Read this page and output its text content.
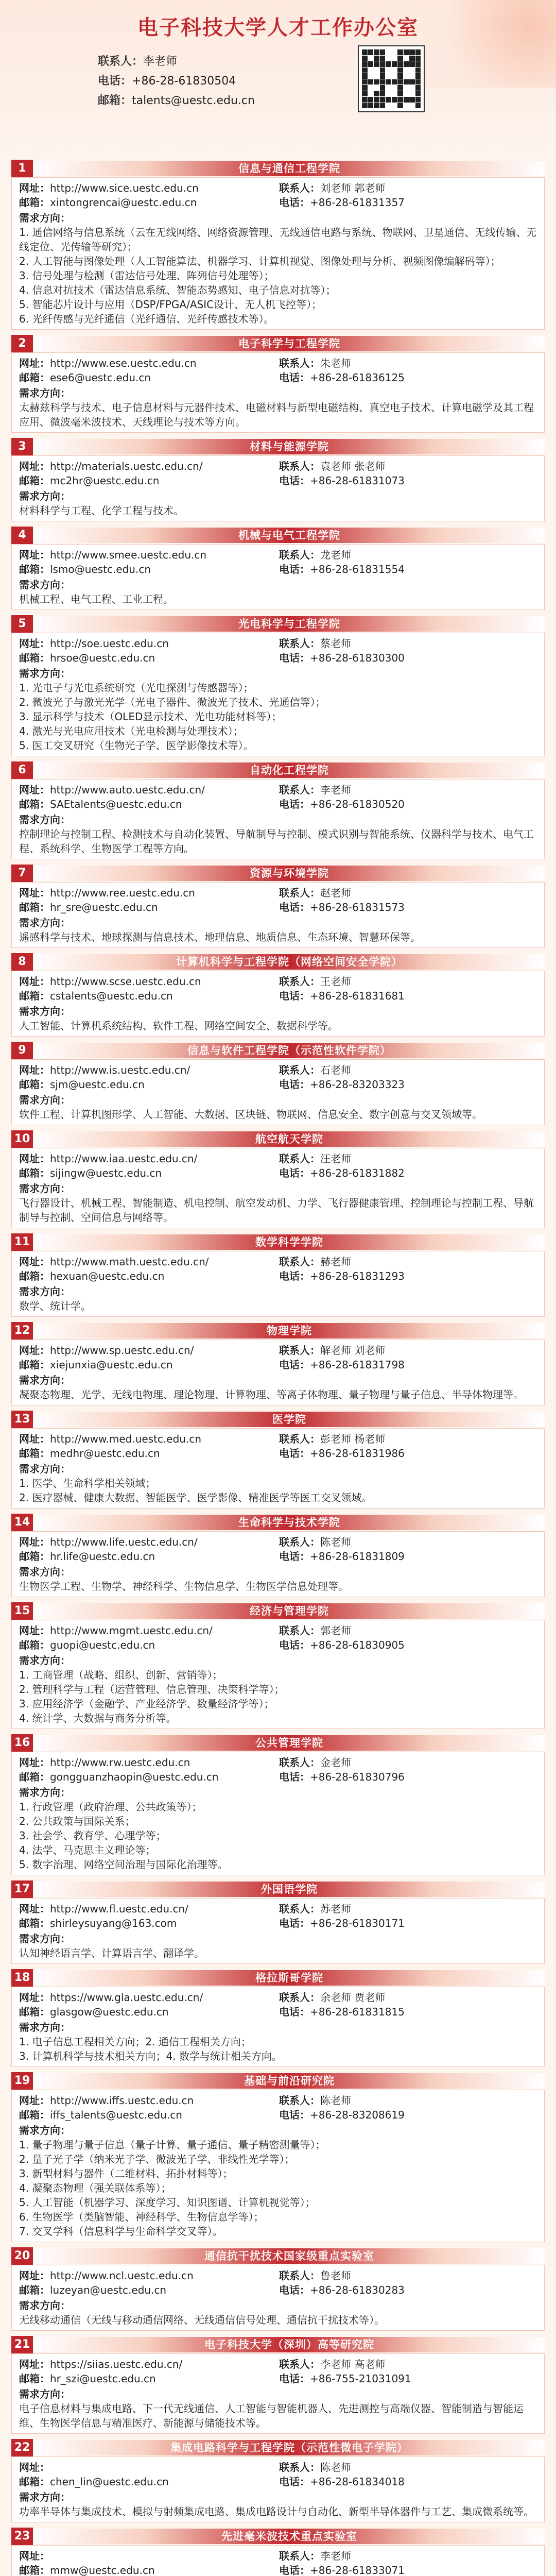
电子科技大学人才工作办公室
联系人：李老师
电话：+86-28-61830504
邮箱：talents@uestc.edu.cn
1	信息与通信工程学院
网址：http://www.sice.uestc.edu.cn	联系人：刘老师 郭老师
邮箱：xintongrencai@uestc.edu.cn	电话：+86-28-61831357
需求方向：
1. 通信网络与信息系统（云在无线网络、网络资源管理、无线通信电路与系统、物联网、卫星通信、无线传输、无线定位、光传输等研究）；
2. 人工智能与图像处理（人工智能算法、机器学习、计算机视觉、图像处理与分析、视频图像编解码等）；
3. 信号处理与检测（雷达信号处理、阵列信号处理等）；
4. 信息对抗技术（雷达信息系统、智能态势感知、电子信息对抗等）；
5. 智能芯片设计与应用（DSP/FPGA/ASIC设计、无人机飞控等）；
6. 光纤传感与光纤通信（光纤通信、光纤传感技术等）。
2	电子科学与工程学院
网址：http://www.ese.uestc.edu.cn	联系人：朱老师
邮箱：ese6@uestc.edu.cn	电话：+86-28-61836125
需求方向：
太赫兹科学与技术、电子信息材料与元器件技术、电磁材料与新型电磁结构、真空电子技术、计算电磁学及其工程应用、微波毫米波技术、天线理论与技术等方向。
3	材料与能源学院
网址：http://materials.uestc.edu.cn/	联系人：袁老师 张老师
邮箱：mc2hr@uestc.edu.cn	电话：+86-28-61831073
需求方向：
材料科学与工程、化学工程与技术。
4	机械与电气工程学院
网址：http://www.smee.uestc.edu.cn	联系人：龙老师
邮箱：lsmo@uestc.edu.cn	电话：+86-28-61831554
需求方向：
机械工程、电气工程、工业工程。
5	光电科学与工程学院
网址：http://soe.uestc.edu.cn	联系人：蔡老师
邮箱：hrsoe@uestc.edu.cn	电话：+86-28-61830300
需求方向：
1. 光电子与光电系统研究（光电探测与传感器等）；
2. 微波光子与激光光学（光电子器件、微波光子技术、光通信等）；
3. 显示科学与技术（OLED显示技术、光电功能材料等）；
4. 激光与光电应用技术（光电检测与处理技术）；
5. 医工交叉研究（生物光子学、医学影像技术等）。
6	自动化工程学院
网址：http://www.auto.uestc.edu.cn/	联系人：李老师
邮箱：SAEtalents@uestc.edu.cn	电话：+86-28-61830520
需求方向：
控制理论与控制工程、检测技术与自动化装置、导航制导与控制、模式识别与智能系统、仪器科学与技术、电气工程、系统科学、生物医学工程等方向。
7	资源与环境学院
网址：http://www.ree.uestc.edu.cn	联系人：赵老师
邮箱：hr_sre@uestc.edu.cn	电话：+86-28-61831573
需求方向：
遥感科学与技术、地球探测与信息技术、地理信息、地质信息、生态环境、智慧环保等。
8	计算机科学与工程学院（网络空间安全学院）
网址：http://www.scse.uestc.edu.cn	联系人：王老师
邮箱：cstalents@uestc.edu.cn	电话：+86-28-61831681
需求方向：
人工智能、计算机系统结构、软件工程、网络空间安全、数据科学等。
9	信息与软件工程学院（示范性软件学院）
网址：http://www.is.uestc.edu.cn/	联系人：石老师
邮箱：sjm@uestc.edu.cn	电话：+86-28-83203323
需求方向：
软件工程、计算机图形学、人工智能、大数据、区块链、物联网、信息安全、数字创意与交叉领域等。
10	航空航天学院
网址：http://www.iaa.uestc.edu.cn/	联系人：汪老师
邮箱：sijingw@uestc.edu.cn	电话：+86-28-61831882
需求方向：
飞行器设计、机械工程、智能制造、机电控制、航空发动机、力学、飞行器健康管理、控制理论与控制工程、导航制导与控制、空间信息与网络等。
11	数学科学学院
网址：http://www.math.uestc.edu.cn/	联系人：赫老师
邮箱：hexuan@uestc.edu.cn	电话：+86-28-61831293
需求方向：
数学、统计学。
12	物理学院
网址：http://www.sp.uestc.edu.cn/	联系人：解老师 刘老师
邮箱：xiejunxia@uestc.edu.cn	电话：+86-28-61831798
需求方向：
凝聚态物理、光学、无线电物理、理论物理、计算物理、等离子体物理、量子物理与量子信息、半导体物理等。
13	医学院
网址：http://www.med.uestc.edu.cn	联系人：彭老师 杨老师
邮箱：medhr@uestc.edu.cn	电话：+86-28-61831986
需求方向：
1. 医学、生命科学相关领域；
2. 医疗器械、健康大数据、智能医学、医学影像、精准医学等医工交叉领域。
14	生命科学与技术学院
网址：http://www.life.uestc.edu.cn/	联系人：陈老师
邮箱：hr.life@uestc.edu.cn	电话：+86-28-61831809
需求方向：
生物医学工程、生物学、神经科学、生物信息学、生物医学信息处理等。
15	经济与管理学院
网址：http://www.mgmt.uestc.edu.cn/	联系人：郭老师
邮箱：guopi@uestc.edu.cn	电话：+86-28-61830905
需求方向：
1. 工商管理（战略、组织、创新、营销等）；
2. 管理科学与工程（运营管理、信息管理、决策科学等）；
3. 应用经济学（金融学、产业经济学、数量经济学等）；
4. 统计学、大数据与商务分析等。
16	公共管理学院
网址：http://www.rw.uestc.edu.cn	联系人：金老师
邮箱：gongguanzhaopin@uestc.edu.cn	电话：+86-28-61830796
需求方向：
1. 行政管理（政府治理、公共政策等）；
2. 公共政策与国际关系；
3. 社会学、教育学、心理学等；
4. 法学、马克思主义理论等；
5. 数字治理、网络空间治理与国际化治理等。
17	外国语学院
网址：http://www.fl.uestc.edu.cn/	联系人：苏老师
邮箱：shirleysuyang@163.com	电话：+86-28-61830171
需求方向：
认知神经语言学、计算语言学、翻译学。
18	格拉斯哥学院
网址：https://www.gla.uestc.edu.cn/	联系人：余老师 贾老师
邮箱：glasgow@uestc.edu.cn	电话：+86-28-61831815
需求方向：
1. 电子信息工程相关方向；2. 通信工程相关方向；
3. 计算机科学与技术相关方向；4. 数学与统计相关方向。
19	基础与前沿研究院
网址：http://www.iffs.uestc.edu.cn	联系人：陈老师
邮箱：iffs_talents@uestc.edu.cn	电话：+86-28-83208619
需求方向：
1. 量子物理与量子信息（量子计算、量子通信、量子精密测量等）；
2. 量子光子学（纳米光子学、微波光子学、非线性光学等）；
3. 新型材料与器件（二维材料、拓扑材料等）；
4. 凝聚态物理（强关联体系等）；
5. 人工智能（机器学习、深度学习、知识图谱、计算机视觉等）；
6. 生物医学（类脑智能、神经科学、生物信息学等）；
7. 交叉学科（信息科学与生命科学交叉等）。
20	通信抗干扰技术国家级重点实验室
网址：http://www.ncl.uestc.edu.cn	联系人：鲁老师
邮箱：luzeyan@uestc.edu.cn	电话：+86-28-61830283
需求方向：
无线移动通信（无线与移动通信网络、无线通信信号处理、通信抗干扰技术等）。
21	电子科技大学（深圳）高等研究院
网址：https://siias.uestc.edu.cn/	联系人：李老师 高老师
邮箱：hr_szi@uestc.edu.cn	电话：+86-755-21031091
需求方向：
电子信息材料与集成电路、下一代无线通信、人工智能与智能机器人、先进测控与高端仪器、智能制造与智能运维、生物医学信息与精准医疗、新能源与储能技术等。
22	集成电路科学与工程学院（示范性微电子学院）
网址：	联系人：陈老师
邮箱：chen_lin@uestc.edu.cn	电话：+86-28-61834018
需求方向：
功率半导体与集成技术、模拟与射频集成电路、集成电路设计与自动化、新型半导体器件与工艺、集成微系统等。
23	先进毫米波技术重点实验室
网址：	联系人：李老师
邮箱：mmw@uestc.edu.cn	电话：+86-28-61833071
